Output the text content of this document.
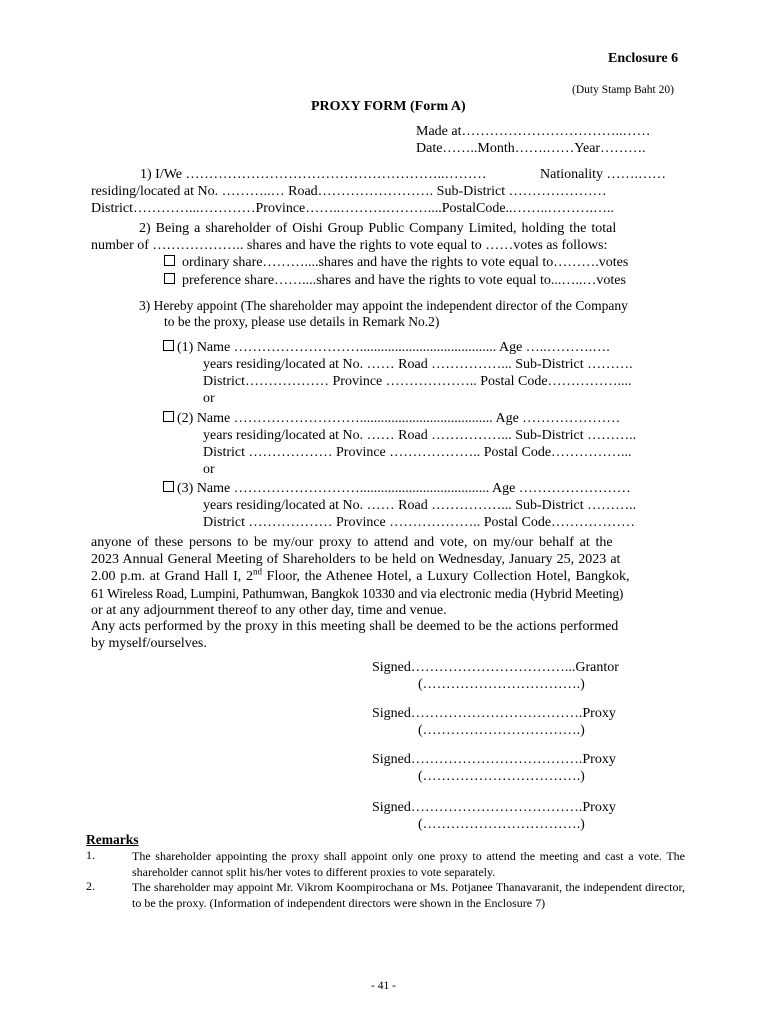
Enclosure 6
(Duty Stamp Baht 20)
PROXY FORM (Form A)
Made at……………………………..……
Date……..Month…….……Year……….
1) I/We ………………………………………………..………	Nationality …….……
residing/located at No. ………..… Road……………………. Sub-District …………………
District…………...…………Province……..……….………....PostalCode..……..……….…..
2) Being a shareholder of Oishi Group Public Company Limited, holding the total
number of ……………….. shares and have the rights to vote equal to ……votes as follows:
ordinary share………....shares and have the rights to vote equal to……….votes
preference share……....shares and have the rights to vote equal to...…..…votes
3) Hereby appoint (The shareholder may appoint the independent director of the Company
to be the proxy, please use details in Remark No.2)
(1) Name ………………………....................................... Age …..……….….
years residing/located at No. …… Road ……………... Sub-District ……….
District……………… Province ……………….. Postal Code……………....
or
(2) Name ………………………...................................... Age …………………
years residing/located at No. …… Road ……………... Sub-District ………..
District ……………… Province ……………….. Postal Code……………...
or
(3) Name ………………………..................................... Age ……………………
years residing/located at No. …… Road ……………... Sub-District ………..
District ……………… Province ……………….. Postal Code………………
anyone of these persons to be my/our proxy to attend and vote, on my/our behalf at the
2023 Annual General Meeting of Shareholders to be held on Wednesday, January 25, 2023 at
2.00 p.m. at Grand Hall I, 2nd Floor, the Athenee Hotel, a Luxury Collection Hotel, Bangkok,
61 Wireless Road, Lumpini, Pathumwan, Bangkok 10330 and via electronic media (Hybrid Meeting)
or at any adjournment thereof to any other day, time and venue.
Any acts performed by the proxy in this meeting shall be deemed to be the actions performed
by myself/ourselves.
Signed……………………………...Grantor
(…………………………….)
Signed……………………………….Proxy
(…………………………….)
Signed……………………………….Proxy
(…………………………….)
Signed……………………………….Proxy
(…………………………….)
Remarks
1.	The shareholder appointing the proxy shall appoint only one proxy to attend the meeting and cast a vote. The shareholder cannot split his/her votes to different proxies to vote separately.
2.	The shareholder may appoint Mr. Vikrom Koompirochana or Ms. Potjanee Thanavaranit, the independent director, to be the proxy. (Information of independent directors were shown in the Enclosure 7)
- 41 -
